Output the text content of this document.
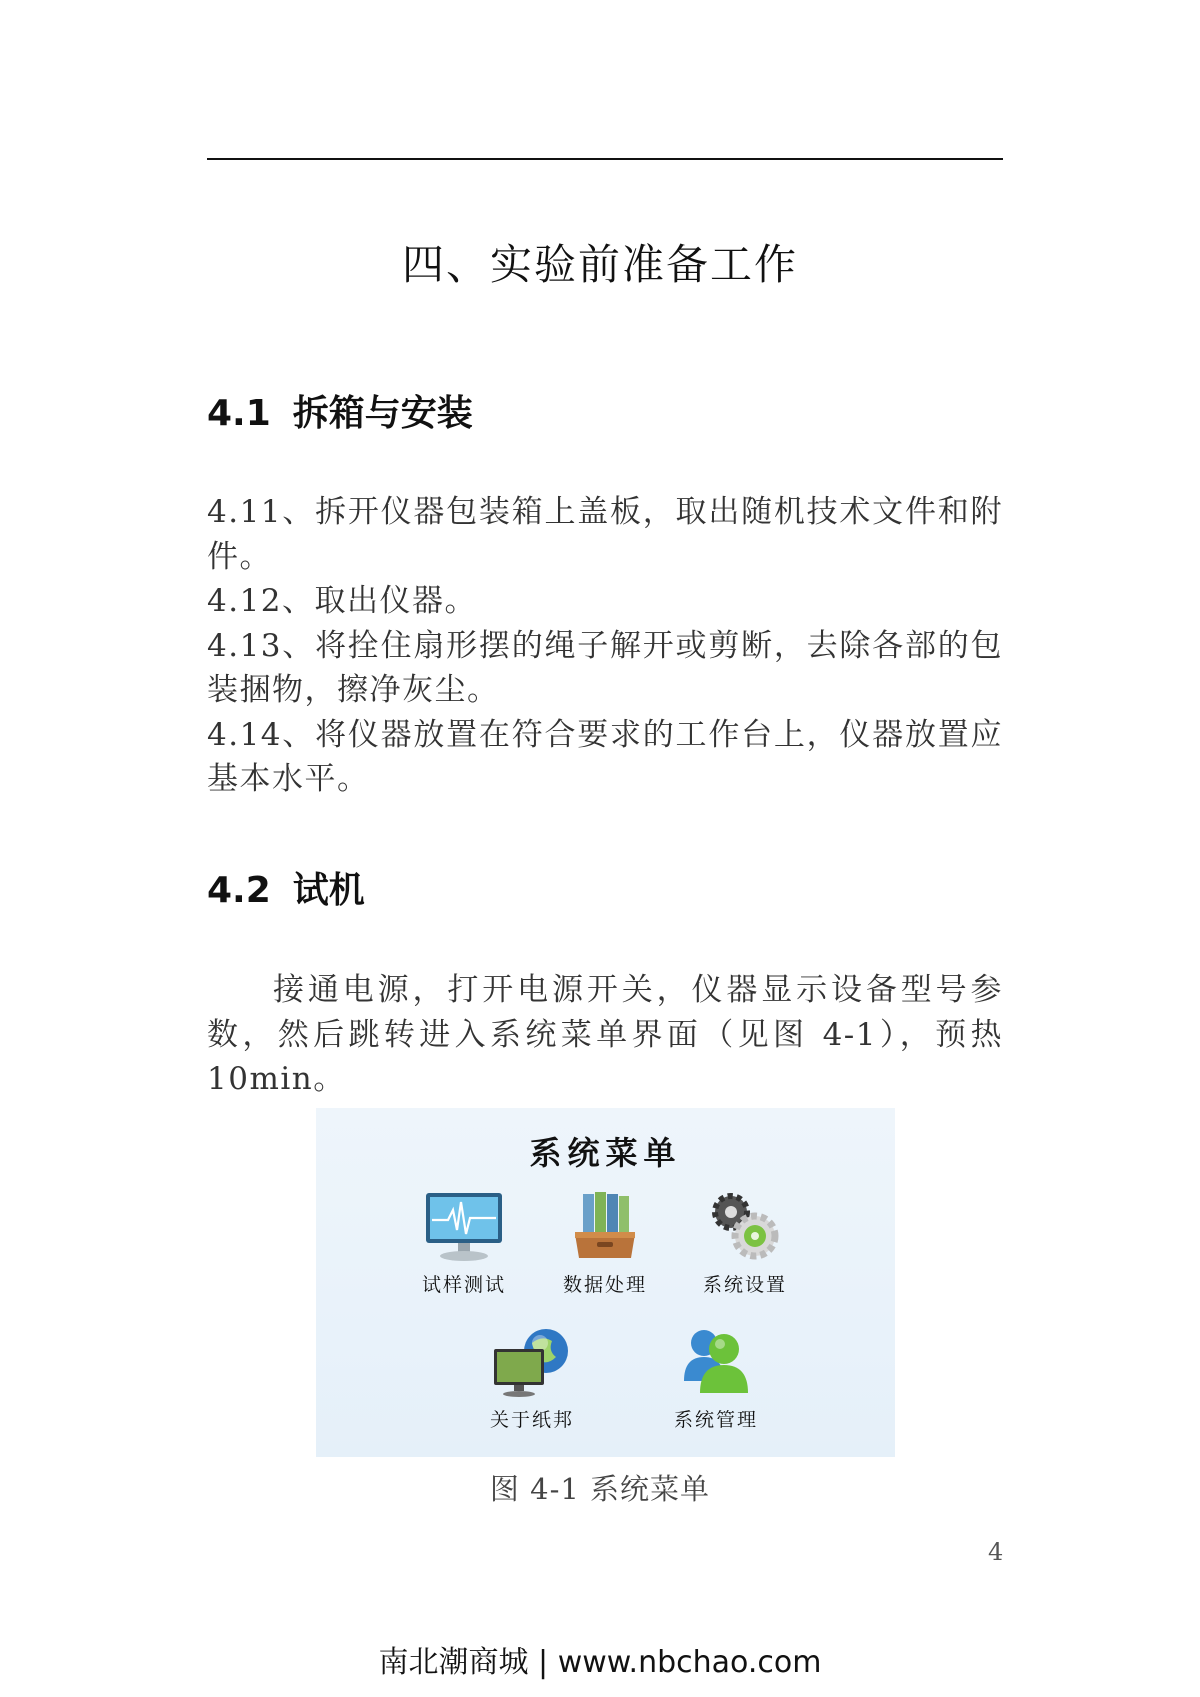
四、实验前准备工作
4.1 拆箱与安装

4.11、拆开仪器包装箱上盖板，取出随机技术文件和附件。

4.12、取出仪器。

4.13、将拴住扇形摆的绳子解开或剪断，去除各部的包装捆物，擦净灰尘。

4.14、将仪器放置在符合要求的工作台上，仪器放置应基本水平。

4.2 试机

接通电源，打开电源开关，仪器显示设备型号参数，然后跳转进入系统菜单界面（见图 4-1），预热 10min。

系统菜单
试样测试	数据处理	系统设置
关于纸邦	系统管理
图 4-1 系统菜单
4
南北潮商城 | www.nbchao.com
